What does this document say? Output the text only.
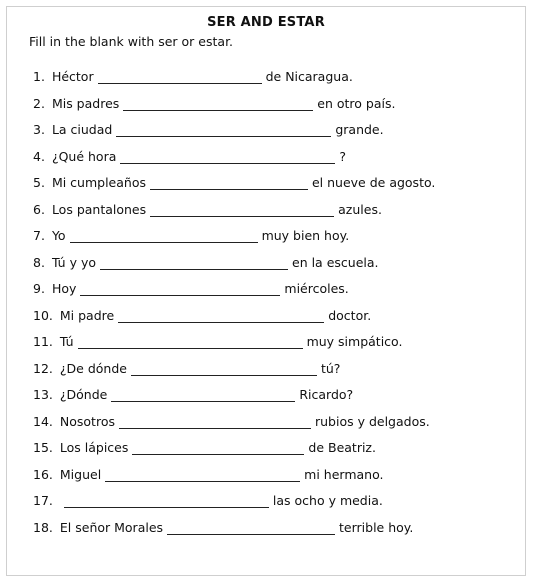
SER AND ESTAR
Fill in the blank with ser or estar.
1. Héctor	de Nicaragua.
2. Mis padres	en otro país.
3. La ciudad	grande.
4. ¿Qué hora	?
5. Mi cumpleaños	el nueve de agosto.
6. Los pantalones	azules.
7. Yo	muy bien hoy.
8. Tú y yo	en la escuela.
9. Hoy	miércoles.
10. Mi padre	doctor.
11. Tú	muy simpático.
12. ¿De dónde	tú?
13. ¿Dónde	Ricardo?
14. Nosotros	rubios y delgados.
15. Los lápices	de Beatriz.
16. Miguel	mi hermano.
17.	las ocho y media.
18. El señor Morales	terrible hoy.
